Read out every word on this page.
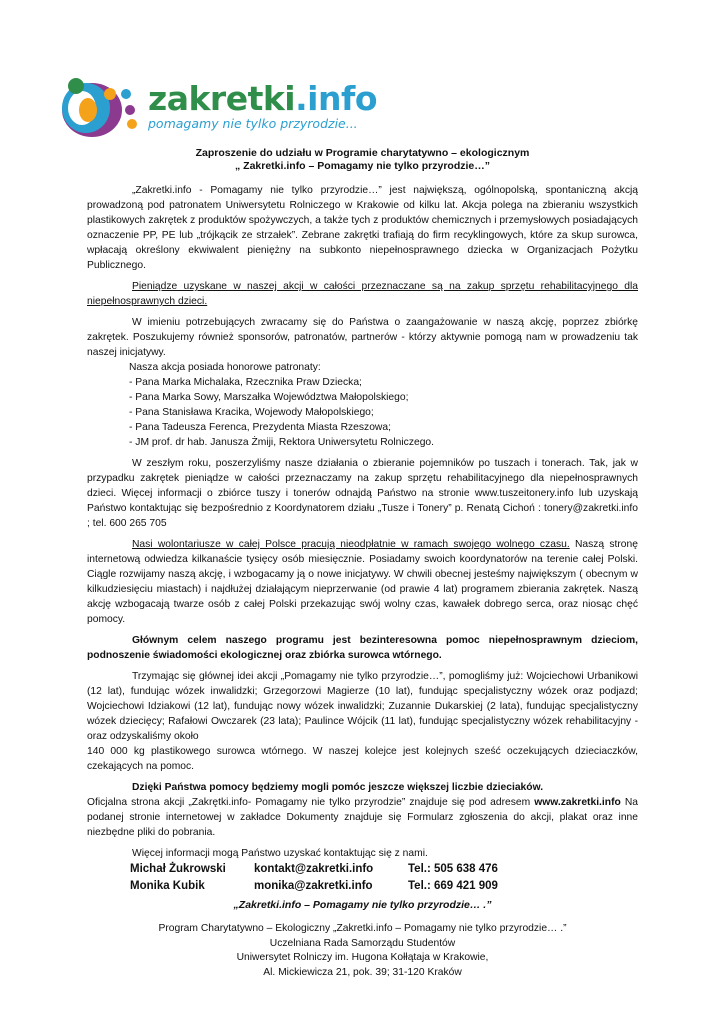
zakretki.info
pomagamy nie tylko przyrodzie...
Zaproszenie do udziału w Programie charytatywno – ekologicznym
„ Zakretki.info – Pomagamy nie tylko przyrodzie…”

„Zakretki.info - Pomagamy nie tylko przyrodzie…” jest największą, ogólnopolską, spontaniczną akcją prowadzoną pod patronatem Uniwersytetu Rolniczego w Krakowie od kilku lat. Akcja polega na zbieraniu wszystkich plastikowych zakrętek z produktów spożywczych, a także tych z produktów chemicznych i przemysłowych posiadających oznaczenie PP, PE lub „trójkącik ze strzałek”. Zebrane zakrętki trafiają do firm recyklingowych, które za skup surowca, wpłacają określony ekwiwalent pieniężny na subkonto niepełnosprawnego dziecka w Organizacjach Pożytku Publicznego.

Pieniądze uzyskane w naszej akcji w całości przeznaczane są na zakup sprzętu rehabilitacyjnego dla niepełnosprawnych dzieci.

W imieniu potrzebujących zwracamy się do Państwa o zaangażowanie w naszą akcję, poprzez zbiórkę zakrętek. Poszukujemy również sponsorów, patronatów, partnerów - którzy aktywnie pomogą nam w prowadzeniu tak naszej inicjatywy.

Nasza akcja posiada honorowe patronaty:

- Pana Marka Michalaka, Rzecznika Praw Dziecka;

- Pana Marka Sowy, Marszałka Województwa Małopolskiego;

- Pana Stanisława Kracika, Wojewody Małopolskiego;

- Pana Tadeusza Ferenca, Prezydenta Miasta Rzeszowa;

- JM prof. dr hab. Janusza Żmiji, Rektora Uniwersytetu Rolniczego.

W zeszłym roku, poszerzyliśmy nasze działania o zbieranie pojemników po tuszach i tonerach. Tak, jak w przypadku zakrętek pieniądze w całości przeznaczamy na zakup sprzętu rehabilitacyjnego dla niepełnosprawnych dzieci. Więcej informacji o zbiórce tuszy i tonerów odnajdą Państwo na stronie www.tuszeitonery.info lub uzyskają Państwo kontaktując się bezpośrednio z Koordynatorem działu „Tusze i Tonery” p. Renatą Cichoń : tonery@zakretki.info ; tel. 600 265 705

Nasi wolontariusze w całej Polsce pracują nieodpłatnie w ramach swojego wolnego czasu. Naszą stronę internetową odwiedza kilkanaście tysięcy osób miesięcznie. Posiadamy swoich koordynatorów na terenie całej Polski. Ciągle rozwijamy naszą akcję, i wzbogacamy ją o nowe inicjatywy. W chwili obecnej jesteśmy największym ( obecnym w kilkudziesięciu miastach) i najdłużej działającym nieprzerwanie (od prawie 4 lat) programem zbierania zakrętek. Naszą akcję wzbogacają twarze osób z całej Polski przekazując swój wolny czas, kawałek dobrego serca, oraz niosąc chęć pomocy.

Głównym celem naszego programu jest bezinteresowna pomoc niepełnosprawnym dzieciom, podnoszenie świadomości ekologicznej oraz zbiórka surowca wtórnego.

Trzymając się głównej idei akcji „Pomagamy nie tylko przyrodzie…”, pomogliśmy już: Wojciechowi Urbanikowi (12 lat), fundując wózek inwalidzki; Grzegorzowi Magierze (10 lat), fundując specjalistyczny wózek oraz podjazd; Wojciechowi Idziakowi (12 lat), fundując nowy wózek inwalidzki; Zuzannie Dukarskiej (2 lata), fundując specjalistyczny wózek dziecięcy; Rafałowi Owczarek (23 lata); Paulince Wójcik (11 lat), fundując specjalistyczny wózek rehabilitacyjny - oraz odzyskaliśmy około

140 000 kg plastikowego surowca wtórnego. W naszej kolejce jest kolejnych sześć oczekujących dzieciaczków, czekających na pomoc.

Dzięki Państwa pomocy będziemy mogli pomóc jeszcze większej liczbie dzieciaków.

Oficjalna strona akcji „Zakrętki.info- Pomagamy nie tylko przyrodzie” znajduje się pod adresem www.zakretki.info Na podanej stronie internetowej w zakładce Dokumenty znajduje się Formularz zgłoszenia do akcji, plakat oraz inne niezbędne pliki do pobrania.

Więcej informacji mogą Państwo uzyskać kontaktując się z nami.

Michał Żukrowski	kontakt@zakretki.info	Tel.: 505 638 476
Monika Kubik	monika@zakretki.info	Tel.: 669 421 909
„Zakretki.info – Pomagamy nie tylko przyrodzie… .”
Program Charytatywno – Ekologiczny „Zakretki.info – Pomagamy nie tylko przyrodzie… .”
Uczelniana Rada Samorządu Studentów
Uniwersytet Rolniczy im. Hugona Kołłątaja w Krakowie,
Al. Mickiewicza 21, pok. 39; 31-120 Kraków
